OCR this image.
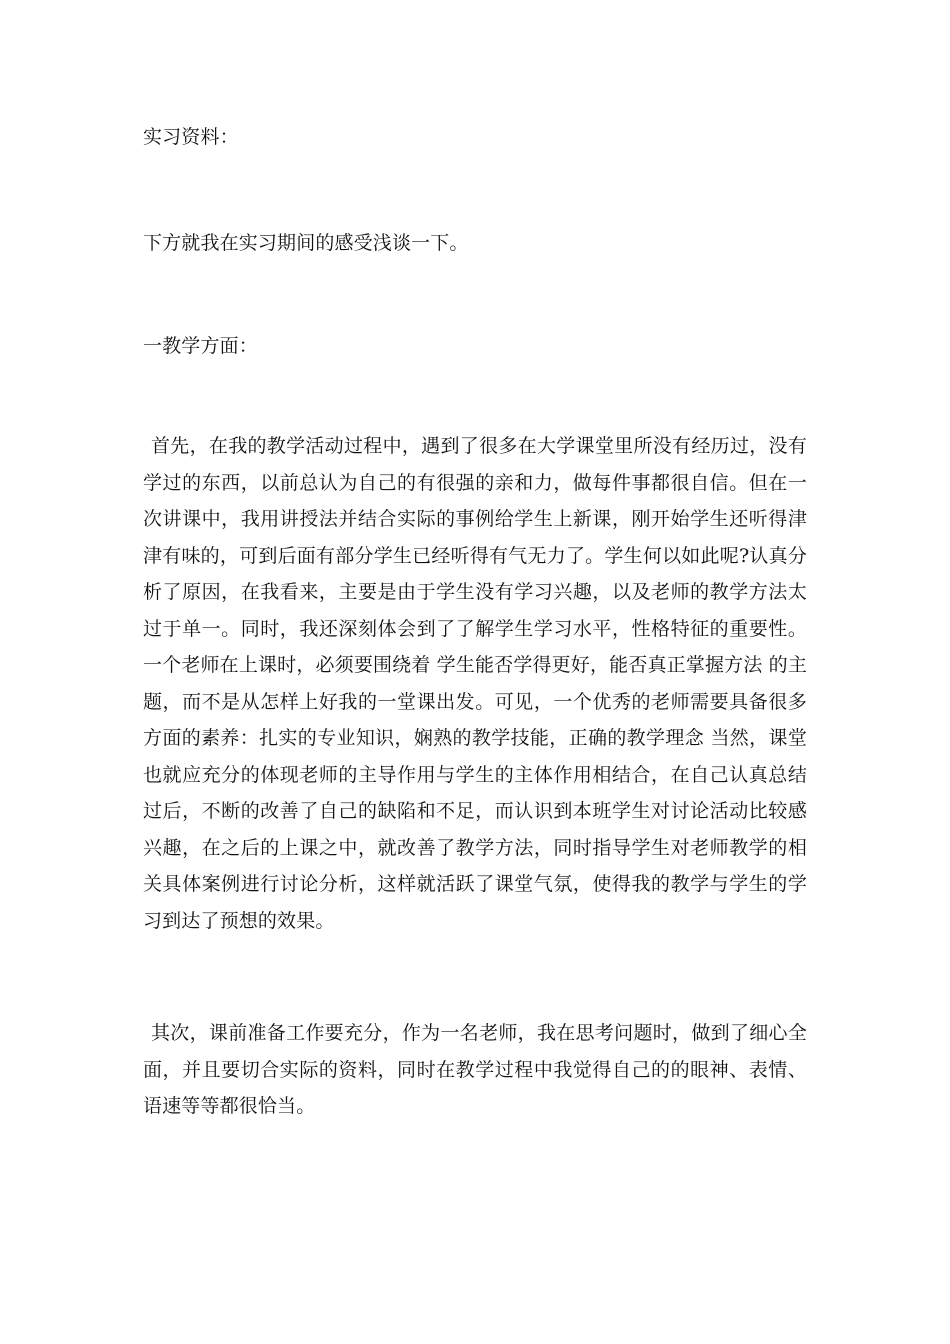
实习资料：
下方就我在实习期间的感受浅谈一下。
一教学方面：
首先，在我的教学活动过程中，遇到了很多在大学课堂里所没有经历过，没有学过的东西，以前总认为自己的有很强的亲和力，做每件事都很自信。但在一次讲课中，我用讲授法并结合实际的事例给学生上新课，刚开始学生还听得津津有味的，可到后面有部分学生已经听得有气无力了。学生何以如此呢?认真分析了原因，在我看来，主要是由于学生没有学习兴趣，以及老师的教学方法太过于单一。同时，我还深刻体会到了了解学生学习水平，性格特征的重要性。一个老师在上课时，必须要围绕着 学生能否学得更好，能否真正掌握方法 的主题，而不是从怎样上好我的一堂课出发。可见，一个优秀的老师需要具备很多方面的素养：扎实的专业知识，娴熟的教学技能，正确的教学理念 当然，课堂也就应充分的体现老师的主导作用与学生的主体作用相结合，在自己认真总结过后，不断的改善了自己的缺陷和不足，而认识到本班学生对讨论活动比较感兴趣，在之后的上课之中，就改善了教学方法，同时指导学生对老师教学的相关具体案例进行讨论分析，这样就活跃了课堂气氛，使得我的教学与学生的学习到达了预想的效果。
其次，课前准备工作要充分，作为一名老师，我在思考问题时，做到了细心全面，并且要切合实际的资料，同时在教学过程中我觉得自己的的眼神、表情、语速等等都很恰当。
